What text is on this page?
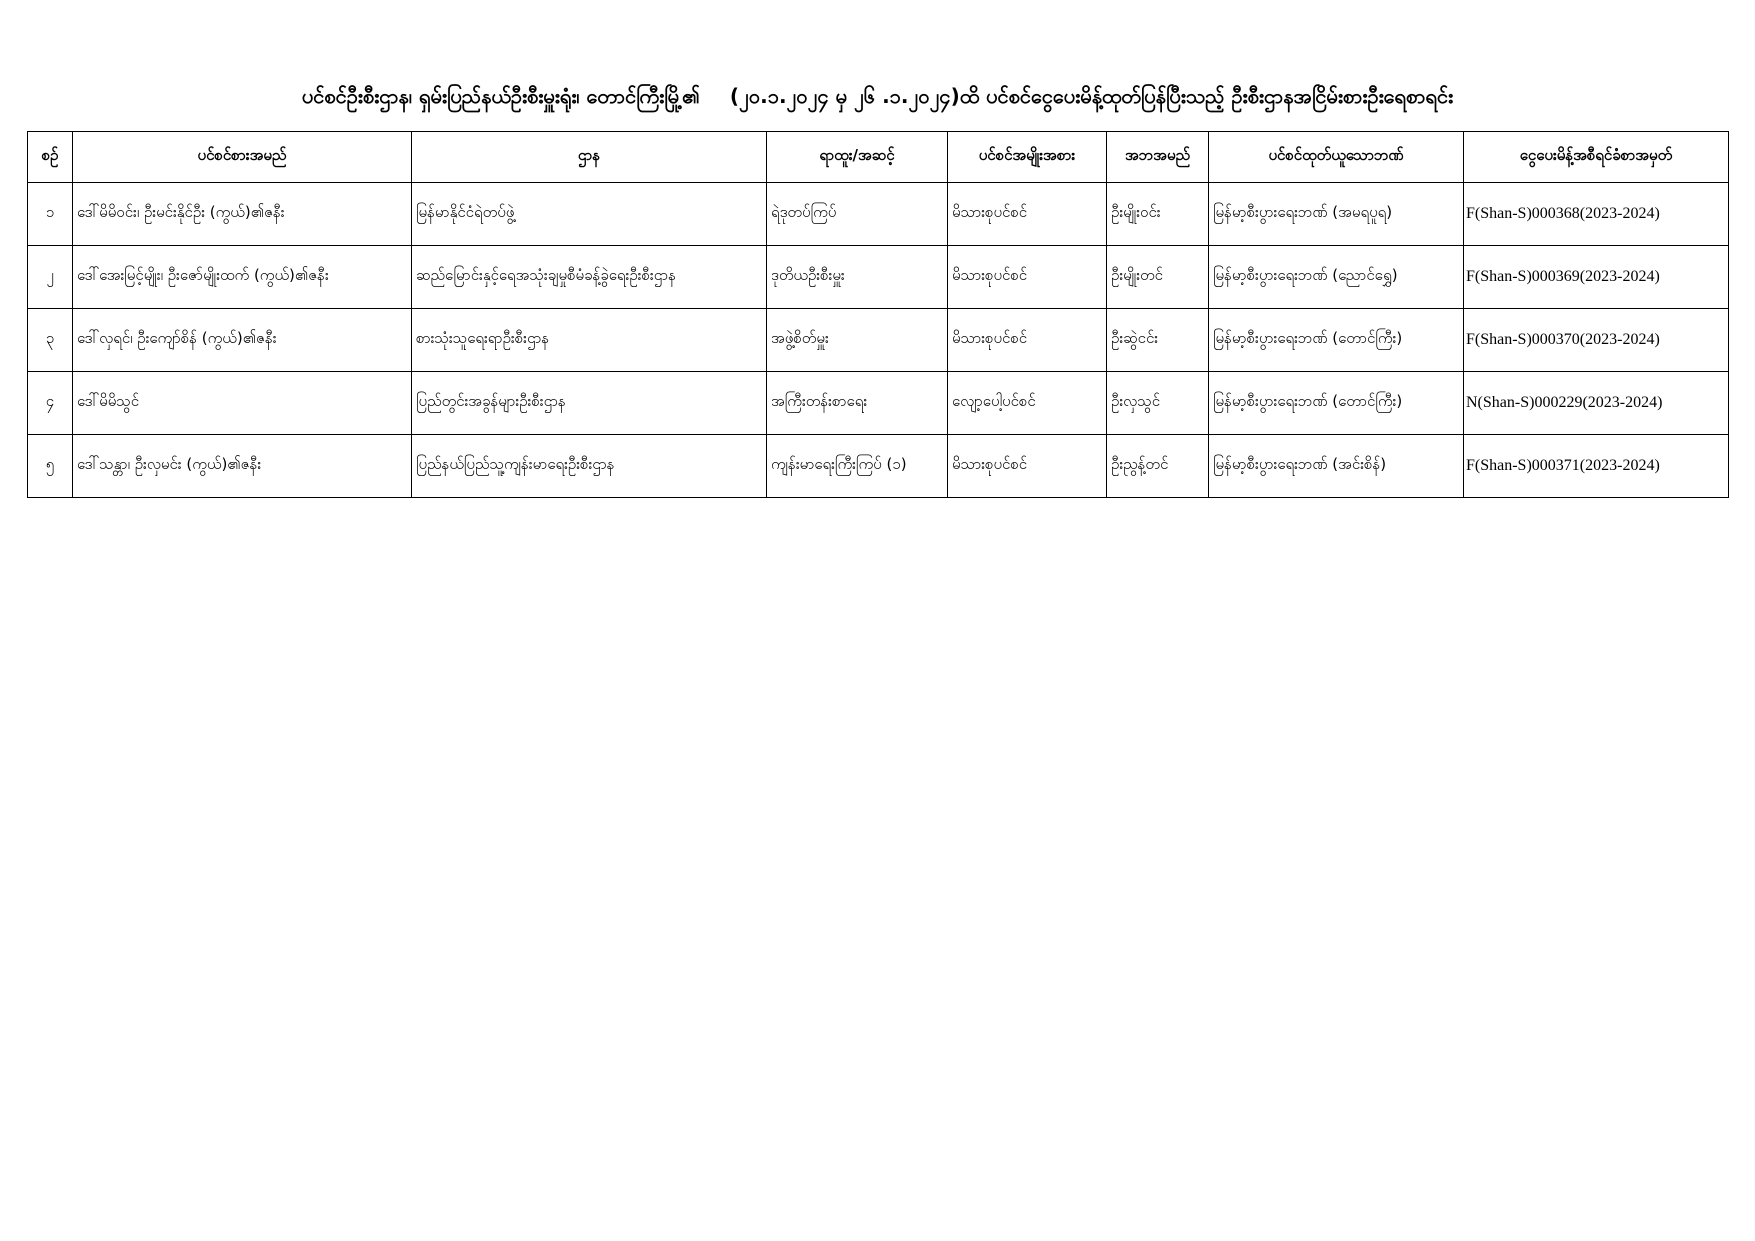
ပင်စင်ဦးစီးဌာန၊ ရှမ်းပြည်နယ်ဦးစီးမှူးရုံး၊ တောင်ကြီးမြို့၏ (၂၀.၁.၂၀၂၄ မှ ၂၆ .၁.၂၀၂၄)ထိ ပင်စင်ငွေပေးမိန့်ထုတ်ပြန်ပြီးသည့် ဦးစီးဌာနအငြိမ်းစားဦးရေစာရင်း
စဉ်	ပင်စင်စားအမည်	ဌာန	ရာထူး/အဆင့်	ပင်စင်အမျိုးအစား	အဘအမည်	ပင်စင်ထုတ်ယူသောဘဏ်	ငွေပေးမိန့်အစီရင်ခံစာအမှတ်
၁	ဒေါ်မိမိဝင်း၊ ဦးမင်းနိုင်ဦး (ကွယ်)၏ဇနီး	မြန်မာနိုင်ငံရဲတပ်ဖွဲ့	ရဲဒုတပ်ကြပ်	မိသားစုပင်စင်	ဦးမျိုးဝင်း	မြန်မာ့စီးပွားရေးဘဏ် (အမရပူရ)	F(Shan-S)000368(2023-2024)
၂	ဒေါ်အေးမြင့်မျိုး၊ ဦးဇော်မျိုးထက် (ကွယ်)၏ဇနီး	ဆည်မြောင်းနှင့်ရေအသုံးချမှုစီမံခန့်ခွဲရေးဦးစီးဌာန	ဒုတိယဦးစီးမှူး	မိသားစုပင်စင်	ဦးမျိုးတင်	မြန်မာ့စီးပွားရေးဘဏ် (ညောင်ရွှေ)	F(Shan-S)000369(2023-2024)
၃	ဒေါ်လှရင်၊ ဦးကျော်စိန် (ကွယ်)၏ဇနီး	စားသုံးသူရေးရာဦးစီးဌာန	အဖွဲ့စိတ်မှူး	မိသားစုပင်စင်	ဦးဆွဲငင်း	မြန်မာ့စီးပွားရေးဘဏ် (တောင်ကြီး)	F(Shan-S)000370(2023-2024)
၄	ဒေါ်မိမိသွင်	ပြည်တွင်းအခွန်များဦးစီးဌာန	အကြီးတန်းစာရေး	လျော့ပေါ့ပင်စင်	ဦးလှသွင်	မြန်မာ့စီးပွားရေးဘဏ် (တောင်ကြီး)	N(Shan-S)000229(2023-2024)
၅	ဒေါ်သန္တာ၊ ဦးလှမင်း (ကွယ်)၏ဇနီး	ပြည်နယ်ပြည်သူ့ကျန်းမာရေးဦးစီးဌာန	ကျန်းမာရေးကြီးကြပ် (၁)	မိသားစုပင်စင်	ဦးညွန့်တင်	မြန်မာ့စီးပွားရေးဘဏ် (အင်းစိန်)	F(Shan-S)000371(2023-2024)
